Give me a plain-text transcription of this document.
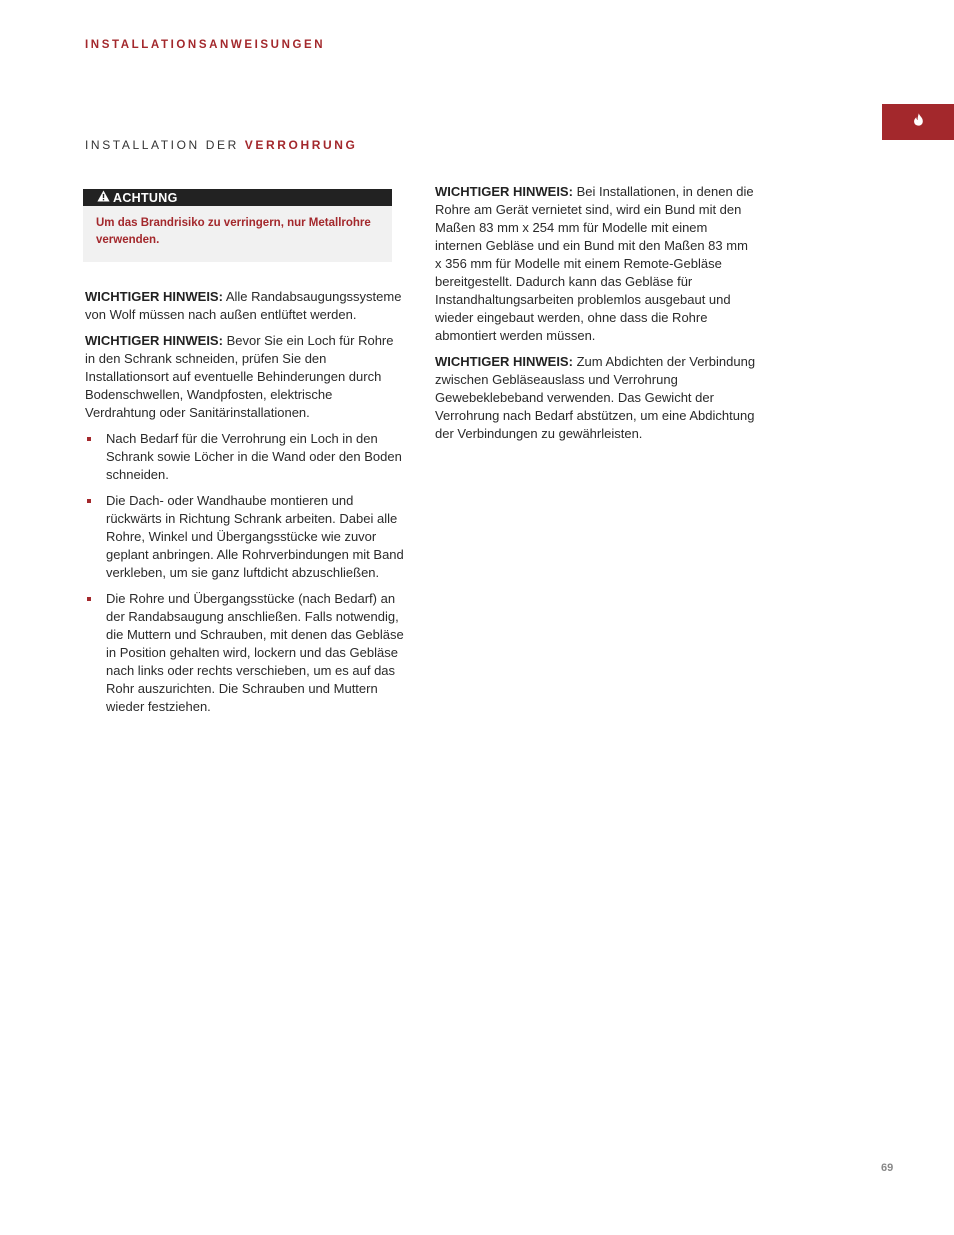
INSTALLATIONSANWEISUNGEN
INSTALLATION DER VERROHRUNG
ACHTUNG
Um das Brandrisiko zu verringern, nur Metallrohre verwenden.

WICHTIGER HINWEIS: Alle Randabsaugungssysteme von Wolf müssen nach außen entlüftet werden.

WICHTIGER HINWEIS: Bevor Sie ein Loch für Rohre in den Schrank schneiden, prüfen Sie den Installationsort auf eventuelle Behinderungen durch Bodenschwellen, Wandpfosten, elektrische Verdrahtung oder Sanitärinstallationen.

Nach Bedarf für die Verrohrung ein Loch in den Schrank sowie Löcher in die Wand oder den Boden schneiden.
Die Dach- oder Wandhaube montieren und rückwärts in Richtung Schrank arbeiten. Dabei alle Rohre, Winkel und Übergangsstücke wie zuvor geplant anbringen. Alle Rohrverbindungen mit Band verkleben, um sie ganz luftdicht abzuschließen.
Die Rohre und Übergangsstücke (nach Bedarf) an der Randabsaugung anschließen. Falls notwendig, die Muttern und Schrauben, mit denen das Gebläse in Position gehalten wird, lockern und das Gebläse nach links oder rechts verschieben, um es auf das Rohr auszurichten. Die Schrauben und Muttern wieder festziehen.

WICHTIGER HINWEIS: Bei Installationen, in denen die Rohre am Gerät vernietet sind, wird ein Bund mit den Maßen 83 mm x 254 mm für Modelle mit einem internen Gebläse und ein Bund mit den Maßen 83 mm x 356 mm für Modelle mit einem Remote-Gebläse bereitgestellt. Dadurch kann das Gebläse für Instandhaltungsarbeiten problemlos ausgebaut und wieder eingebaut werden, ohne dass die Rohre abmontiert werden müssen.

WICHTIGER HINWEIS: Zum Abdichten der Verbindung zwischen Gebläseauslass und Verrohrung Gewebeklebeband verwenden. Das Gewicht der Verrohrung nach Bedarf abstützen, um eine Abdichtung der Verbindungen zu gewährleisten.

69
